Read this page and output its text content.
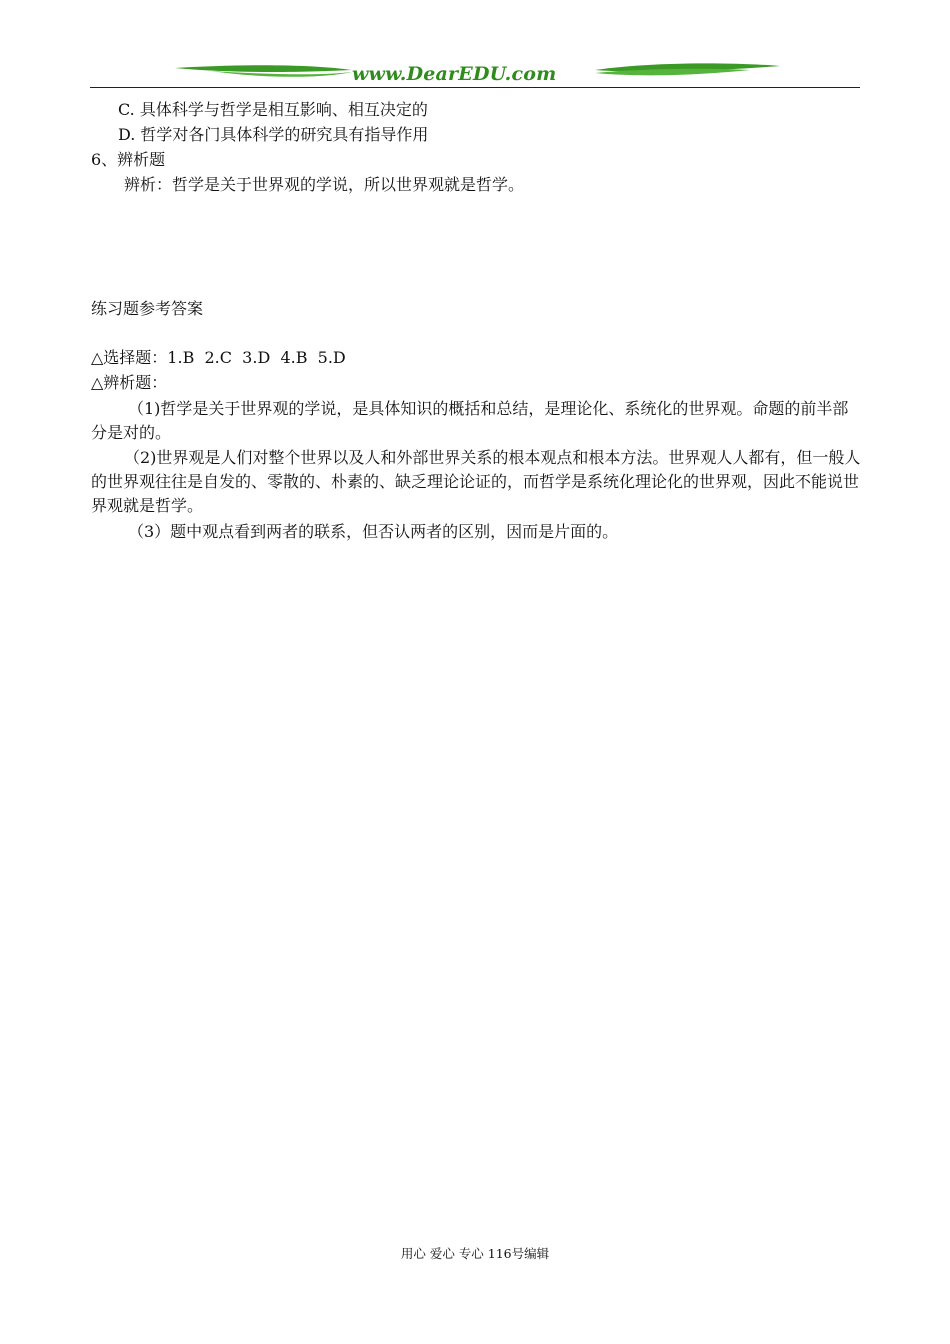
www.DearEDU.com
C. 具体科学与哲学是相互影响、相互决定的
D. 哲学对各门具体科学的研究具有指导作用
6、辨析题
辨析：哲学是关于世界观的学说，所以世界观就是哲学。
练习题参考答案
△选择题：1.B  2.C  3.D  4.B  5.D
△辨析题：
（1)哲学是关于世界观的学说，是具体知识的概括和总结，是理论化、系统化的世界观。命题的前半部分是对的。
（2)世界观是人们对整个世界以及人和外部世界关系的根本观点和根本方法。世界观人人都有，但一般人的世界观往往是自发的、零散的、朴素的、缺乏理论论证的，而哲学是系统化理论化的世界观，因此不能说世界观就是哲学。
（3）题中观点看到两者的联系，但否认两者的区别，因而是片面的。
用心 爱心 专心 116号编辑
